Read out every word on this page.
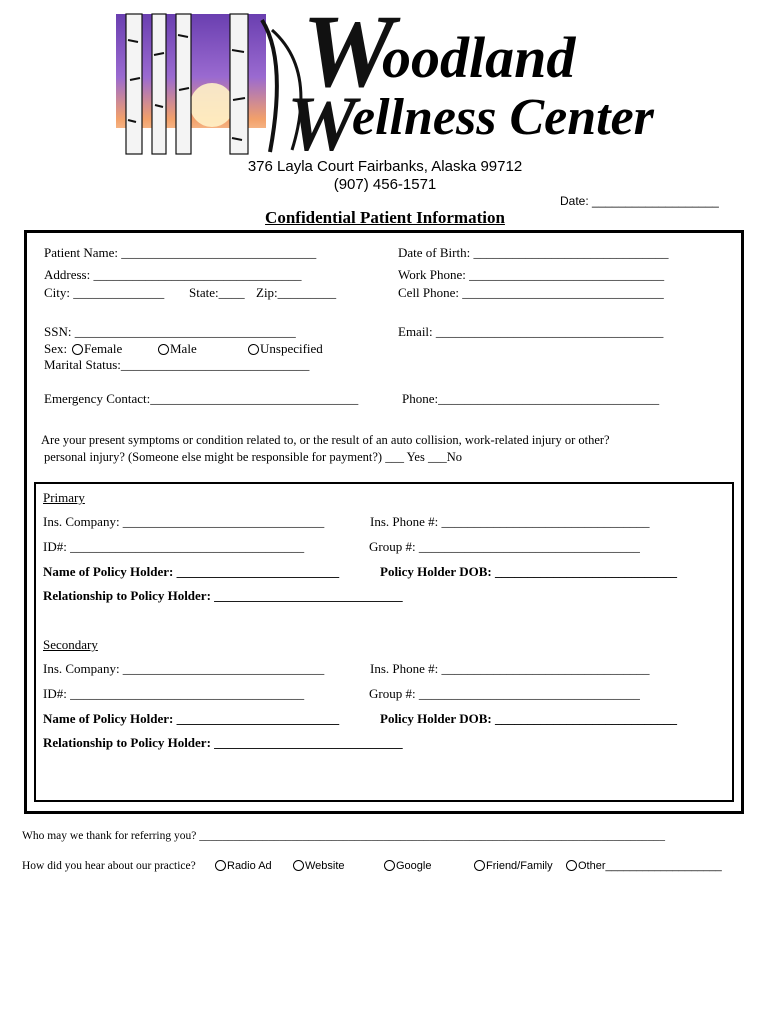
W
W
oodland
ellness Center
376 Layla Court Fairbanks, Alaska 99712
(907) 456-1571
Date: ___________________
Confidential Patient Information
Patient Name: ______________________________	Date of Birth: ______________________________
Address: ________________________________	Work Phone: ______________________________
City: ______________ State:____ Zip:_________	Cell Phone: _______________________________
SSN: __________________________________	Email: ___________________________________
Sex:	Female	Male	Unspecified
Marital Status:_____________________________
Emergency Contact:________________________________	Phone:__________________________________
Are your present symptoms or condition related to, or the result of an auto collision, work-related injury or other?
personal injury? (Someone else might be responsible for payment?) ___ Yes ___No
Primary
Ins. Company: _______________________________	Ins. Phone #: ________________________________
ID#: ____________________________________	Group #: __________________________________
Name of Policy Holder: _________________________	Policy Holder DOB: ____________________________
Relationship to Policy Holder: _____________________________
Secondary
Ins. Company: _______________________________	Ins. Phone #: ________________________________
ID#: ____________________________________	Group #: __________________________________
Name of Policy Holder: _________________________	Policy Holder DOB: ____________________________
Relationship to Policy Holder: _____________________________
Who may we thank for referring you? _________________________________________________________________________________
How did you hear about our practice?	Radio Ad	Website	Google	Friend/Family	Other___________________
